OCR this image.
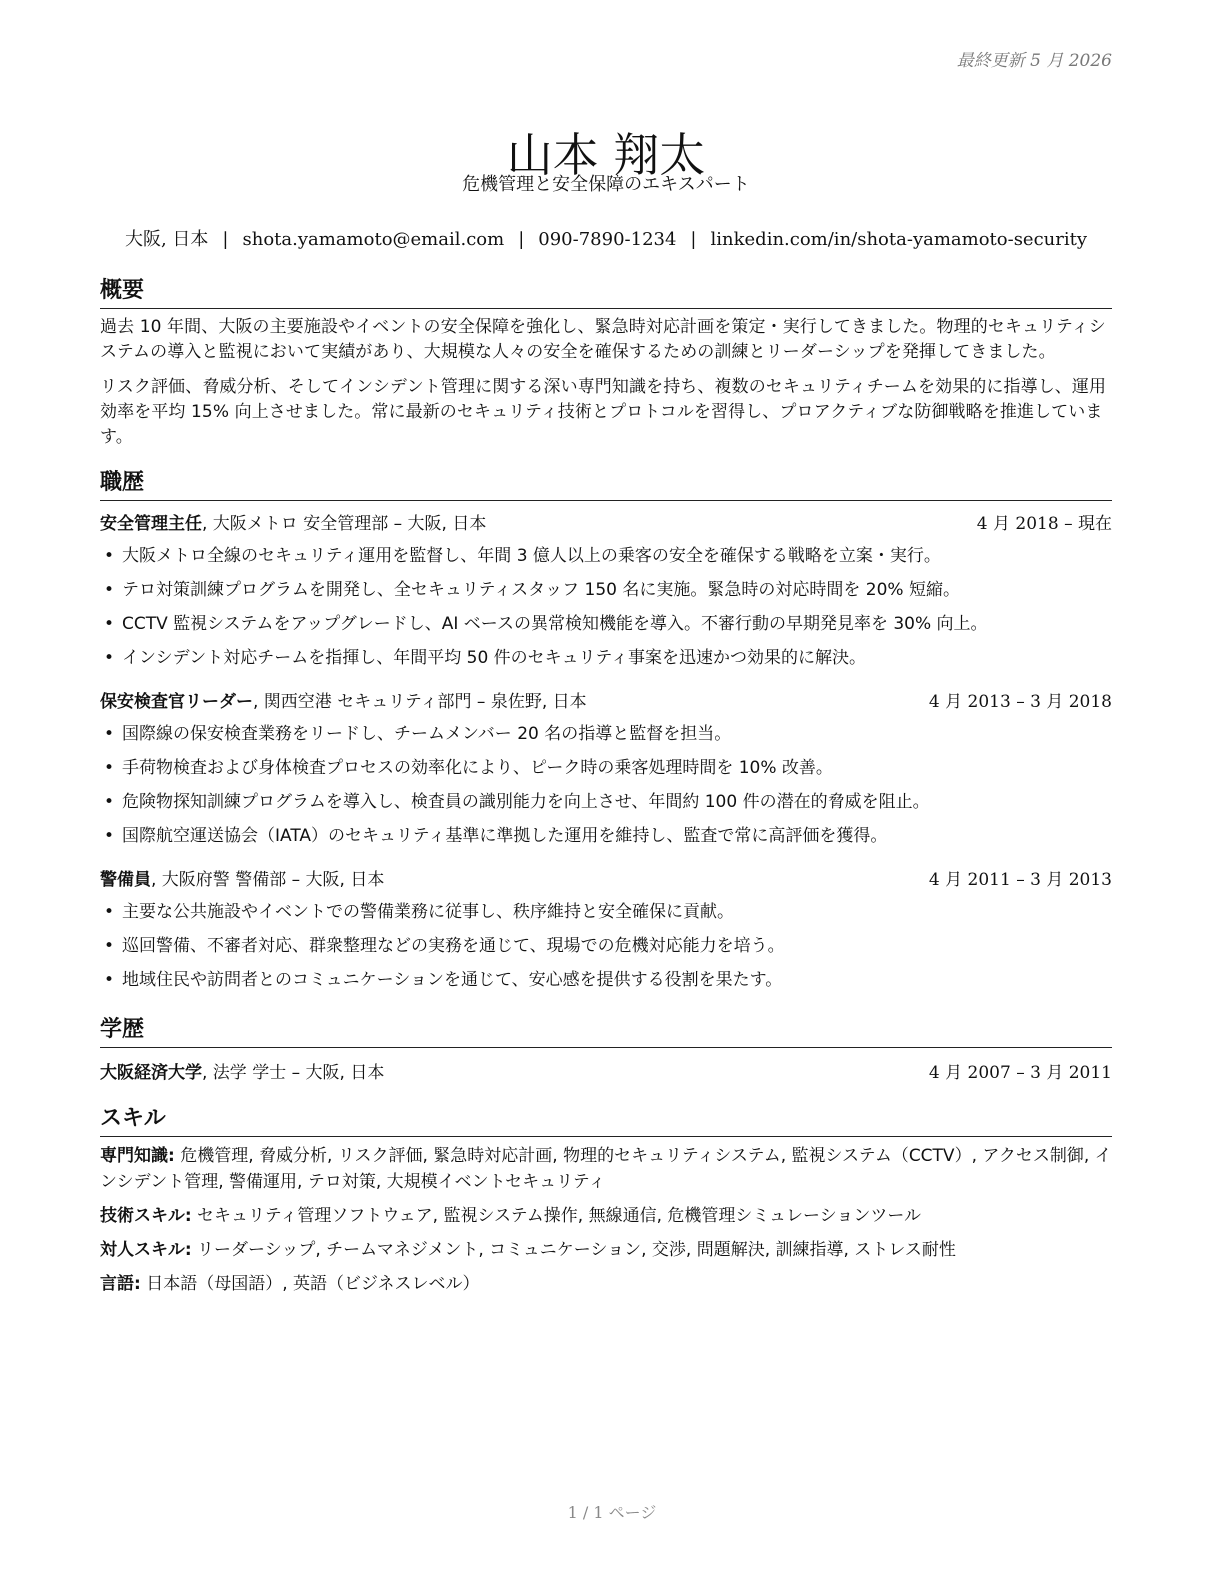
最終更新 5 月 2026
山本 翔太
危機管理と安全保障のエキスパート
大阪, 日本 | shota.yamamoto@email.com | 090-7890-1234 | linkedin.com/in/shota-yamamoto-security
概要

過去 10 年間、大阪の主要施設やイベントの安全保障を強化し、緊急時対応計画を策定・実行してきました。物理的セキュリティシステムの導入と監視において実績があり、大規模な人々の安全を確保するための訓練とリーダーシップを発揮してきました。

リスク評価、脅威分析、そしてインシデント管理に関する深い専門知識を持ち、複数のセキュリティチームを効果的に指導し、運用効率を平均 15% 向上させました。常に最新のセキュリティ技術とプロトコルを習得し、プロアクティブな防御戦略を推進しています。

職歴
安全管理主任, 大阪メトロ 安全管理部 – 大阪, 日本	4 月 2018 – 現在
• 大阪メトロ全線のセキュリティ運用を監督し、年間 3 億人以上の乗客の安全を確保する戦略を立案・実行。
• テロ対策訓練プログラムを開発し、全セキュリティスタッフ 150 名に実施。緊急時の対応時間を 20% 短縮。
• CCTV 監視システムをアップグレードし、AI ベースの異常検知機能を導入。不審行動の早期発見率を 30% 向上。
• インシデント対応チームを指揮し、年間平均 50 件のセキュリティ事案を迅速かつ効果的に解決。
保安検査官リーダー, 関西空港 セキュリティ部門 – 泉佐野, 日本	4 月 2013 – 3 月 2018
• 国際線の保安検査業務をリードし、チームメンバー 20 名の指導と監督を担当。
• 手荷物検査および身体検査プロセスの効率化により、ピーク時の乗客処理時間を 10% 改善。
• 危険物探知訓練プログラムを導入し、検査員の識別能力を向上させ、年間約 100 件の潜在的脅威を阻止。
• 国際航空運送協会（IATA）のセキュリティ基準に準拠した運用を維持し、監査で常に高評価を獲得。
警備員, 大阪府警 警備部 – 大阪, 日本	4 月 2011 – 3 月 2013
• 主要な公共施設やイベントでの警備業務に従事し、秩序維持と安全確保に貢献。
• 巡回警備、不審者対応、群衆整理などの実務を通じて、現場での危機対応能力を培う。
• 地域住民や訪問者とのコミュニケーションを通じて、安心感を提供する役割を果たす。
学歴
大阪経済大学, 法学 学士 – 大阪, 日本	4 月 2007 – 3 月 2011
スキル

専門知識: 危機管理, 脅威分析, リスク評価, 緊急時対応計画, 物理的セキュリティシステム, 監視システム（CCTV）, アクセス制御, インシデント管理, 警備運用, テロ対策, 大規模イベントセキュリティ

技術スキル: セキュリティ管理ソフトウェア, 監視システム操作, 無線通信, 危機管理シミュレーションツール

対人スキル: リーダーシップ, チームマネジメント, コミュニケーション, 交渉, 問題解決, 訓練指導, ストレス耐性

言語: 日本語（母国語）, 英語（ビジネスレベル）

1 / 1 ページ
